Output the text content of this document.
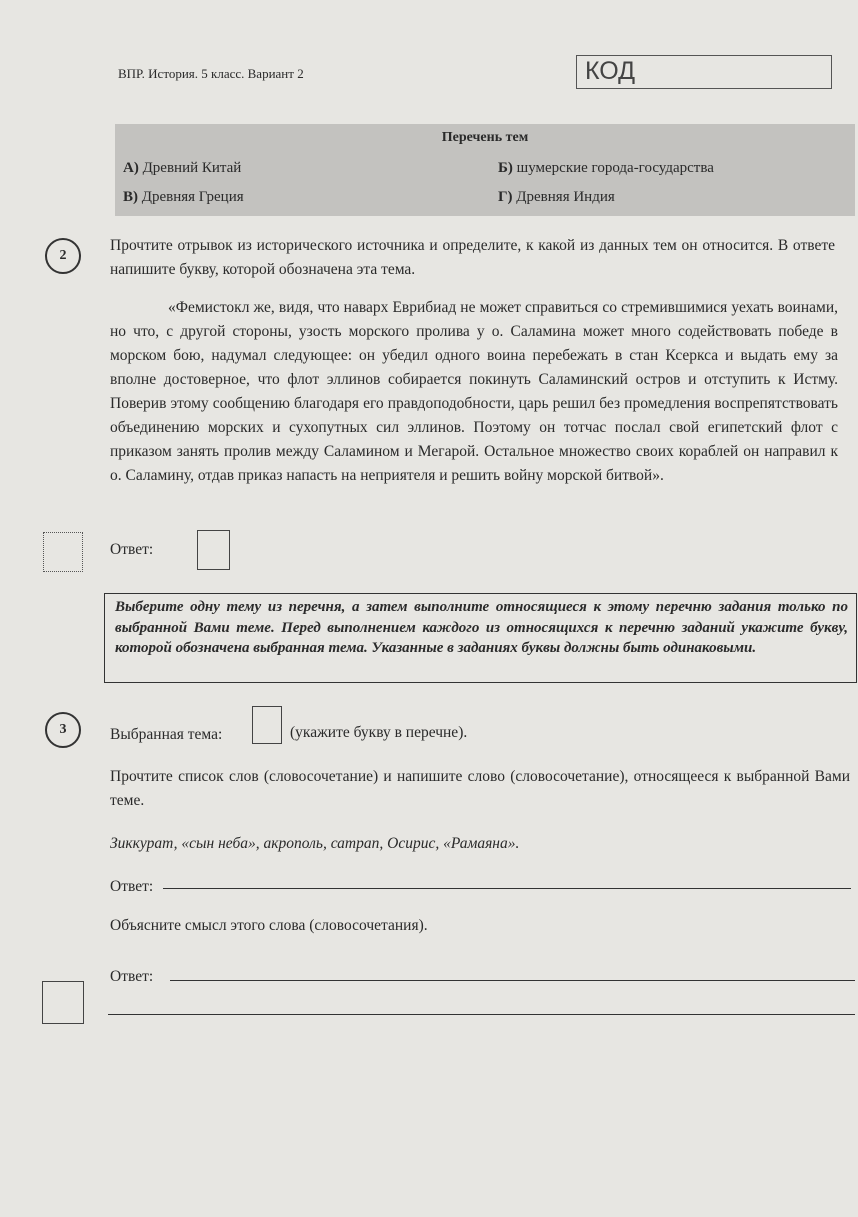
ВПР. История. 5 класс. Вариант 2	КОД
Перечень тем
А) Древний Китай	Б) шумерские города-государства
В) Древняя Греция	Г) Древняя Индия
2
Прочтите отрывок из исторического источника и определите, к какой из данных тем он относится. В ответе напишите букву, которой обозначена эта тема.
«Фемистокл же, видя, что наварх Еврибиад не может справиться со стремившимися уехать воинами, но что, с другой стороны, узость морского пролива у о. Саламина может много содействовать победе в морском бою, надумал следующее: он убедил одного воина перебежать в стан Ксеркса и выдать ему за вполне достоверное, что флот эллинов собирается покинуть Саламинский остров и отступить к Истму. Поверив этому сообщению благодаря его правдоподобности, царь решил без промедления воспрепятствовать объединению морских и сухопутных сил эллинов. Поэтому он тотчас послал свой египетский флот с приказом занять пролив между Саламином и Мегарой. Остальное множество своих кораблей он направил к о. Саламину, отдав приказ напасть на неприятеля и решить войну морской битвой».
Ответ:
Выберите одну тему из перечня, а затем выполните относящиеся к этому перечню задания только по выбранной Вами теме. Перед выполнением каждого из относящихся к перечню заданий укажите букву, которой обозначена выбранная тема. Указанные в заданиях буквы должны быть одинаковыми.
3	Выбранная тема:	(укажите букву в перечне).
Прочтите список слов (словосочетание) и напишите слово (словосочетание), относящееся к выбранной Вами теме.
Зиккурат, «сын неба», акрополь, сатрап, Осирис, «Рамаяна».
Ответ:
Объясните смысл этого слова (словосочетания).
Ответ:
